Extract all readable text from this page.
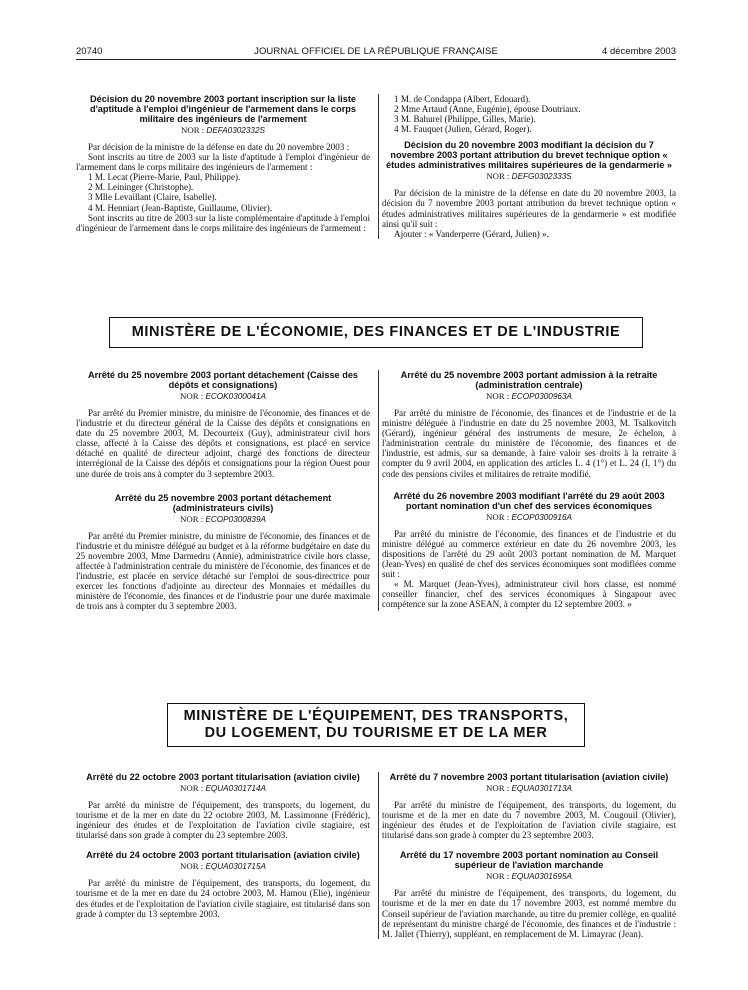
20740	JOURNAL OFFICIEL DE LA RÉPUBLIQUE FRANÇAISE	4 décembre 2003
Décision du 20 novembre 2003 portant inscription sur la liste d'aptitude à l'emploi d'ingénieur de l'armement dans le corps militaire des ingénieurs de l'armement
NOR : DEFA0302332S

Par décision de la ministre de la défense en date du 20 novembre 2003 :

Sont inscrits au titre de 2003 sur la liste d'aptitude à l'emploi d'ingénieur de l'armement dans le corps militaire des ingénieurs de l'armement :

1 M. Lecat (Pierre-Marie, Paul, Philippe).
2 M. Leininger (Christophe).
3 Mlle Levaillant (Claire, Isabelle).
4 M. Henniart (Jean-Baptiste, Guillaume, Olivier).

Sont inscrits au titre de 2003 sur la liste complémentaire d'aptitude à l'emploi d'ingénieur de l'armement dans le corps militaire des ingénieurs de l'armement :

1 M. de Condappa (Albert, Edouard).
2 Mme Artaud (Anne, Eugénie), épouse Doutriaux.
3 M. Bahurel (Philippe, Gilles, Marie).
4 M. Fauquet (Julien, Gérard, Roger).
Décision du 20 novembre 2003 modifiant la décision du 7 novembre 2003 portant attribution du brevet technique option « études administratives militaires supérieures de la gendarmerie »
NOR : DEFG0302333S

Par décision de la ministre de la défense en date du 20 novembre 2003, la décision du 7 novembre 2003 portant attribution du brevet technique option « études administratives militaires supérieures de la gendarmerie » est modifiée ainsi qu'il suit :

Ajouter : « Vanderperre (Gérard, Julien) ».

MINISTÈRE DE L'ÉCONOMIE, DES FINANCES ET DE L'INDUSTRIE
Arrêté du 25 novembre 2003 portant détachement (Caisse des dépôts et consignations)
NOR : ECOK0300041A

Par arrêté du Premier ministre, du ministre de l'économie, des finances et de l'industrie et du directeur général de la Caisse des dépôts et consignations en date du 25 novembre 2003, M. Decourteix (Guy), administrateur civil hors classe, affecté à la Caisse des dépôts et consignations, est placé en service détaché en qualité de directeur adjoint, chargé des fonctions de directeur interrégional de la Caisse des dépôts et consignations pour la région Ouest pour une durée de trois ans à compter du 3 septembre 2003.

Arrêté du 25 novembre 2003 portant détachement (administrateurs civils)
NOR : ECOP0300839A

Par arrêté du Premier ministre, du ministre de l'économie, des finances et de l'industrie et du ministre délégué au budget et à la réforme budgétaire en date du 25 novembre 2003, Mme Darmedru (Annie), administratrice civile hors classe, affectée à l'administration centrale du ministère de l'économie, des finances et de l'industrie, est placée en service détaché sur l'emploi de sous-directrice pour exercer les fonctions d'adjointe au directeur des Monnaies et médailles du ministère de l'économie, des finances et de l'industrie pour une durée maximale de trois ans à compter du 3 septembre 2003.

Arrêté du 25 novembre 2003 portant admission à la retraite (administration centrale)
NOR : ECOP0300963A

Par arrêté du ministre de l'économie, des finances et de l'industrie et de la ministre déléguée à l'industrie en date du 25 novembre 2003, M. Tsalkovitch (Gérard), ingénieur général des instruments de mesure, 2e échelon, à l'administration centrale du ministère de l'économie, des finances et de l'industrie, est admis, sur sa demande, à faire valoir ses droits à la retraite à compter du 9 avril 2004, en application des articles L. 4 (1°) et L. 24 (I, 1°) du code des pensions civiles et militaires de retraite modifié.

Arrêté du 26 novembre 2003 modifiant l'arrêté du 29 août 2003 portant nomination d'un chef des services économiques
NOR : ECOP0300916A

Par arrêté du ministre de l'économie, des finances et de l'industrie et du ministre délégué au commerce extérieur en date du 26 novembre 2003, les dispositions de l'arrêté du 29 août 2003 portant nomination de M. Marquet (Jean-Yves) en qualité de chef des services économiques sont modifiées comme suit :

« M. Marquet (Jean-Yves), administrateur civil hors classe, est nommé conseiller financier, chef des services économiques à Singapour avec compétence sur la zone ASEAN, à compter du 12 septembre 2003. »

MINISTÈRE DE L'ÉQUIPEMENT, DES TRANSPORTS,
DU LOGEMENT, DU TOURISME ET DE LA MER
Arrêté du 22 octobre 2003 portant titularisation (aviation civile)
NOR : EQUA0301714A

Par arrêté du ministre de l'équipement, des transports, du logement, du tourisme et de la mer en date du 22 octobre 2003, M. Lassimonne (Frédéric), ingénieur des études et de l'exploitation de l'aviation civile stagiaire, est titularisé dans son grade à compter du 23 septembre 2003.

Arrêté du 24 octobre 2003 portant titularisation (aviation civile)
NOR : EQUA0301715A

Par arrêté du ministre de l'équipement, des transports, du logement, du tourisme et de la mer en date du 24 octobre 2003, M. Hamou (Elie), ingénieur des études et de l'exploitation de l'aviation civile stagiaire, est titularisé dans son grade à compter du 13 septembre 2003.

Arrêté du 7 novembre 2003 portant titularisation (aviation civile)
NOR : EQUA0301713A

Par arrêté du ministre de l'équipement, des transports, du logement, du tourisme et de la mer en date du 7 novembre 2003, M. Cougouil (Olivier), ingénieur des études et de l'exploitation de l'aviation civile stagiaire, est titularisé dans son grade à compter du 23 septembre 2003.

Arrêté du 17 novembre 2003 portant nomination au Conseil supérieur de l'aviation marchande
NOR : EQUA0301695A

Par arrêté du ministre de l'équipement, des transports, du logement, du tourisme et de la mer en date du 17 novembre 2003, est nommé membre du Conseil supérieur de l'aviation marchande, au titre du premier collège, en qualité de représentant du ministre chargé de l'économie, des finances et de l'industrie : M. Jallet (Thierry), suppléant, en remplacement de M. Limayrac (Jean).
